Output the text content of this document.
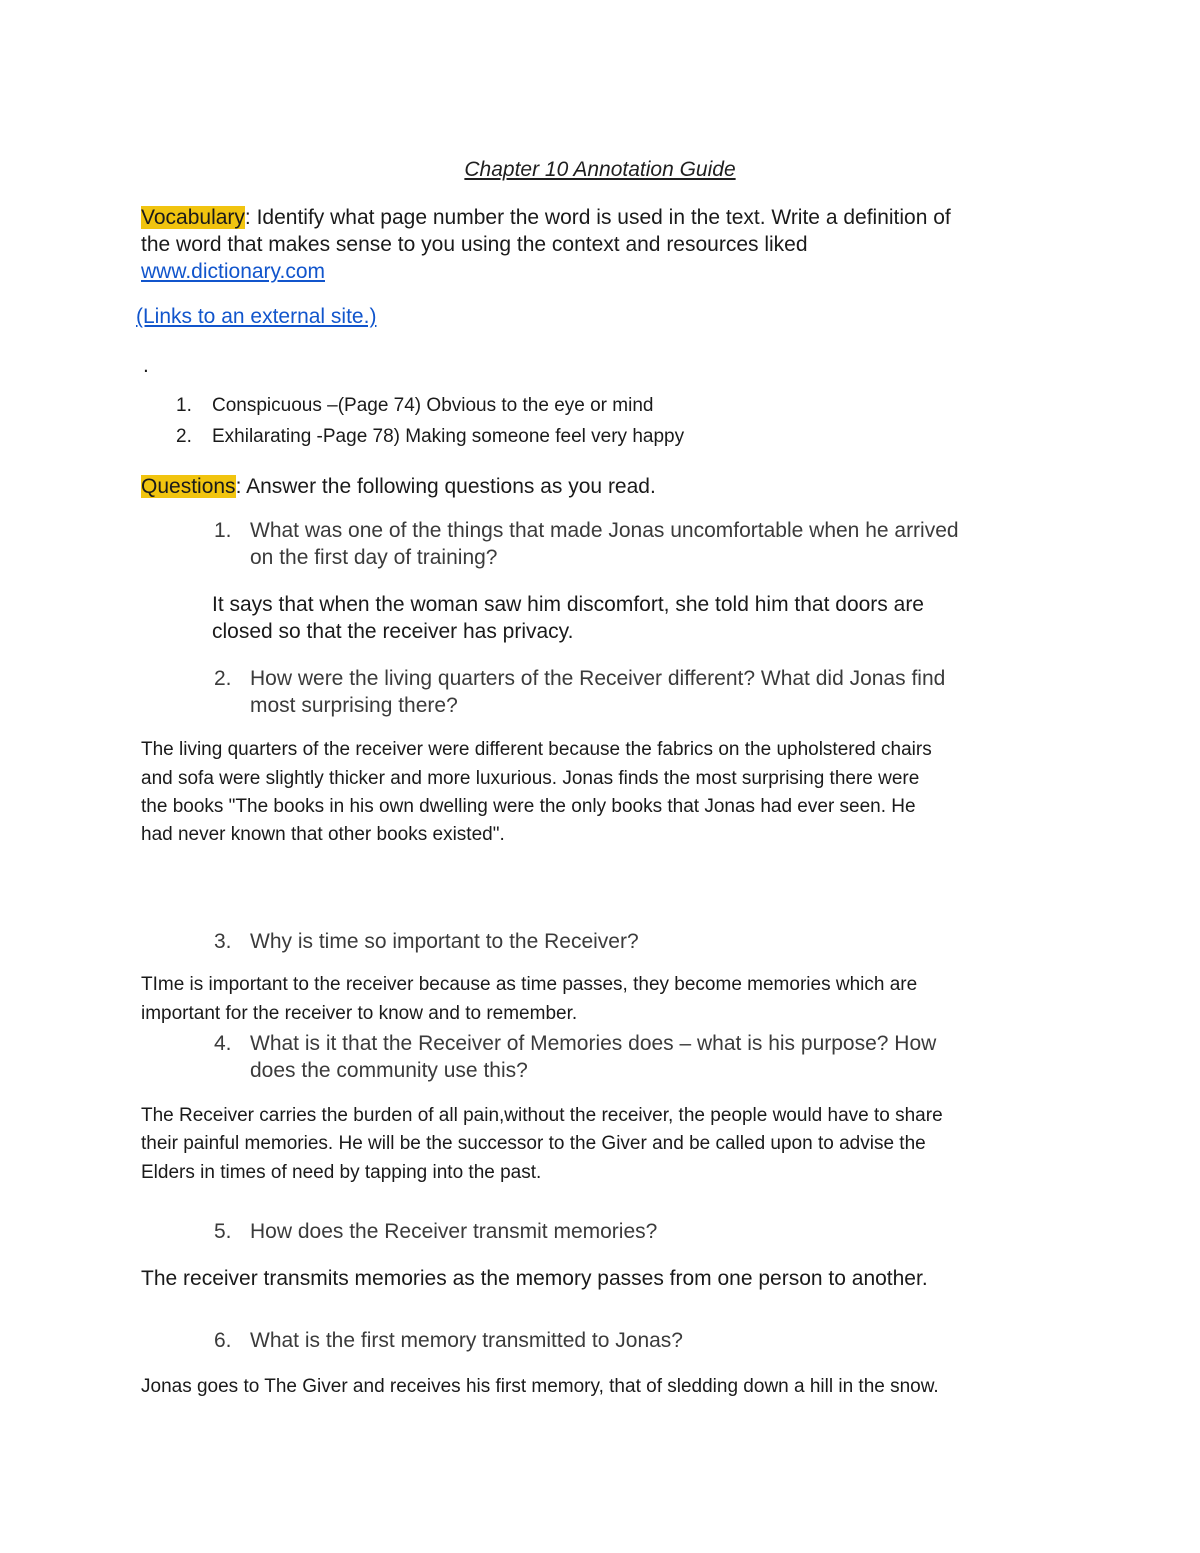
Chapter 10 Annotation Guide

Vocabulary: Identify what page number the word is used in the text. Write a definition of

the word that makes sense to you using the context and resources liked

www.dictionary.com

(Links to an external site.)

.

1. Conspicuous –(Page 74) Obvious to the eye or mind

2. Exhilarating -Page 78) Making someone feel very happy

Questions: Answer the following questions as you read.

1. What was one of the things that made Jonas uncomfortable when he arrived

on the first day of training?

It says that when the woman saw him discomfort, she told him that doors are

closed so that the receiver has privacy.

2. How were the living quarters of the Receiver different? What did Jonas find

most surprising there?

The living quarters of the receiver were different because the fabrics on the upholstered chairs

and sofa were slightly thicker and more luxurious. Jonas finds the most surprising there were

the books "The books in his own dwelling were the only books that Jonas had ever seen. He

had never known that other books existed".

3. Why is time so important to the Receiver?

TIme is important to the receiver because as time passes, they become memories which are

important for the receiver to know and to remember.

4. What is it that the Receiver of Memories does – what is his purpose? How

does the community use this?

The Receiver carries the burden of all pain,without the receiver, the people would have to share

their painful memories. He will be the successor to the Giver and be called upon to advise the

Elders in times of need by tapping into the past.

5. How does the Receiver transmit memories?

The receiver transmits memories as the memory passes from one person to another.

6. What is the first memory transmitted to Jonas?

Jonas goes to The Giver and receives his first memory, that of sledding down a hill in the snow.
